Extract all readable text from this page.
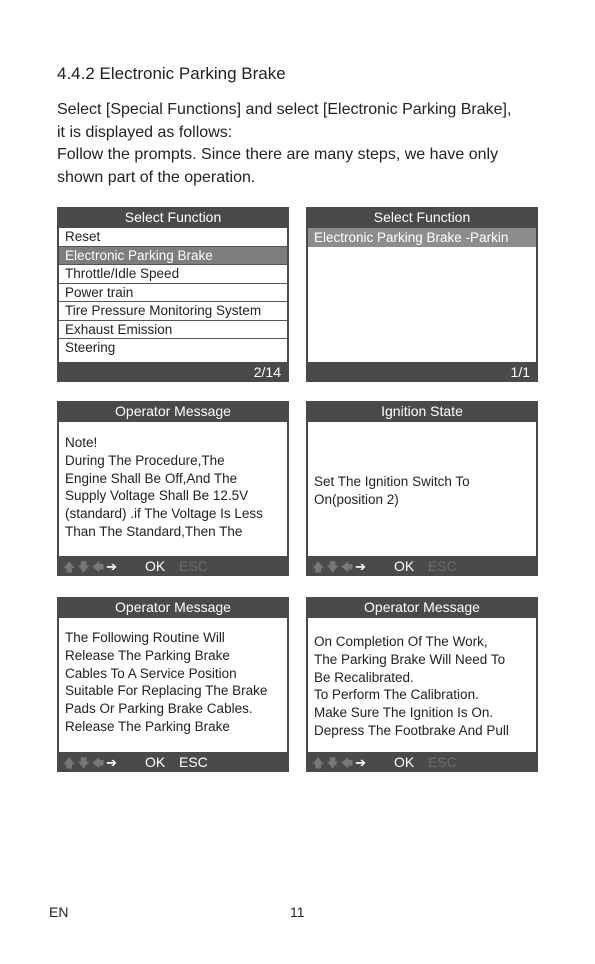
4.4.2 Electronic Parking Brake
Select [Special Functions] and select [Electronic Parking Brake],
it is displayed as follows:
Follow the prompts. Since there are many steps, we have only
shown part of the operation.
Select Function
Reset
Electronic Parking Brake
Throttle/Idle Speed
Power train
Tire Pressure Monitoring System
Exhaust Emission
Steering
2/14
Select Function
Electronic Parking Brake -Parkin
1/1
Operator Message
Note!
During The Procedure,The
Engine Shall Be Off,And The
Supply Voltage Shall Be 12.5V
(standard) .if The Voltage Is Less
Than The Standard,Then The
🡅🡇🡄➔ OK ESC
Ignition State
Set The Ignition Switch To
On(position 2)
🡅🡇🡄➔ OK ESC
Operator Message
The Following Routine Will
Release The Parking Brake
Cables To A Service Position
Suitable For Replacing The Brake
Pads Or Parking Brake Cables.
Release The Parking Brake
🡅🡇🡄➔ OK ESC
Operator Message
On Completion Of The Work,
The Parking Brake Will Need To
Be Recalibrated.
To Perform The Calibration.
Make Sure The Ignition Is On.
Depress The Footbrake And Pull
🡅🡇🡄➔ OK ESC
EN	11
